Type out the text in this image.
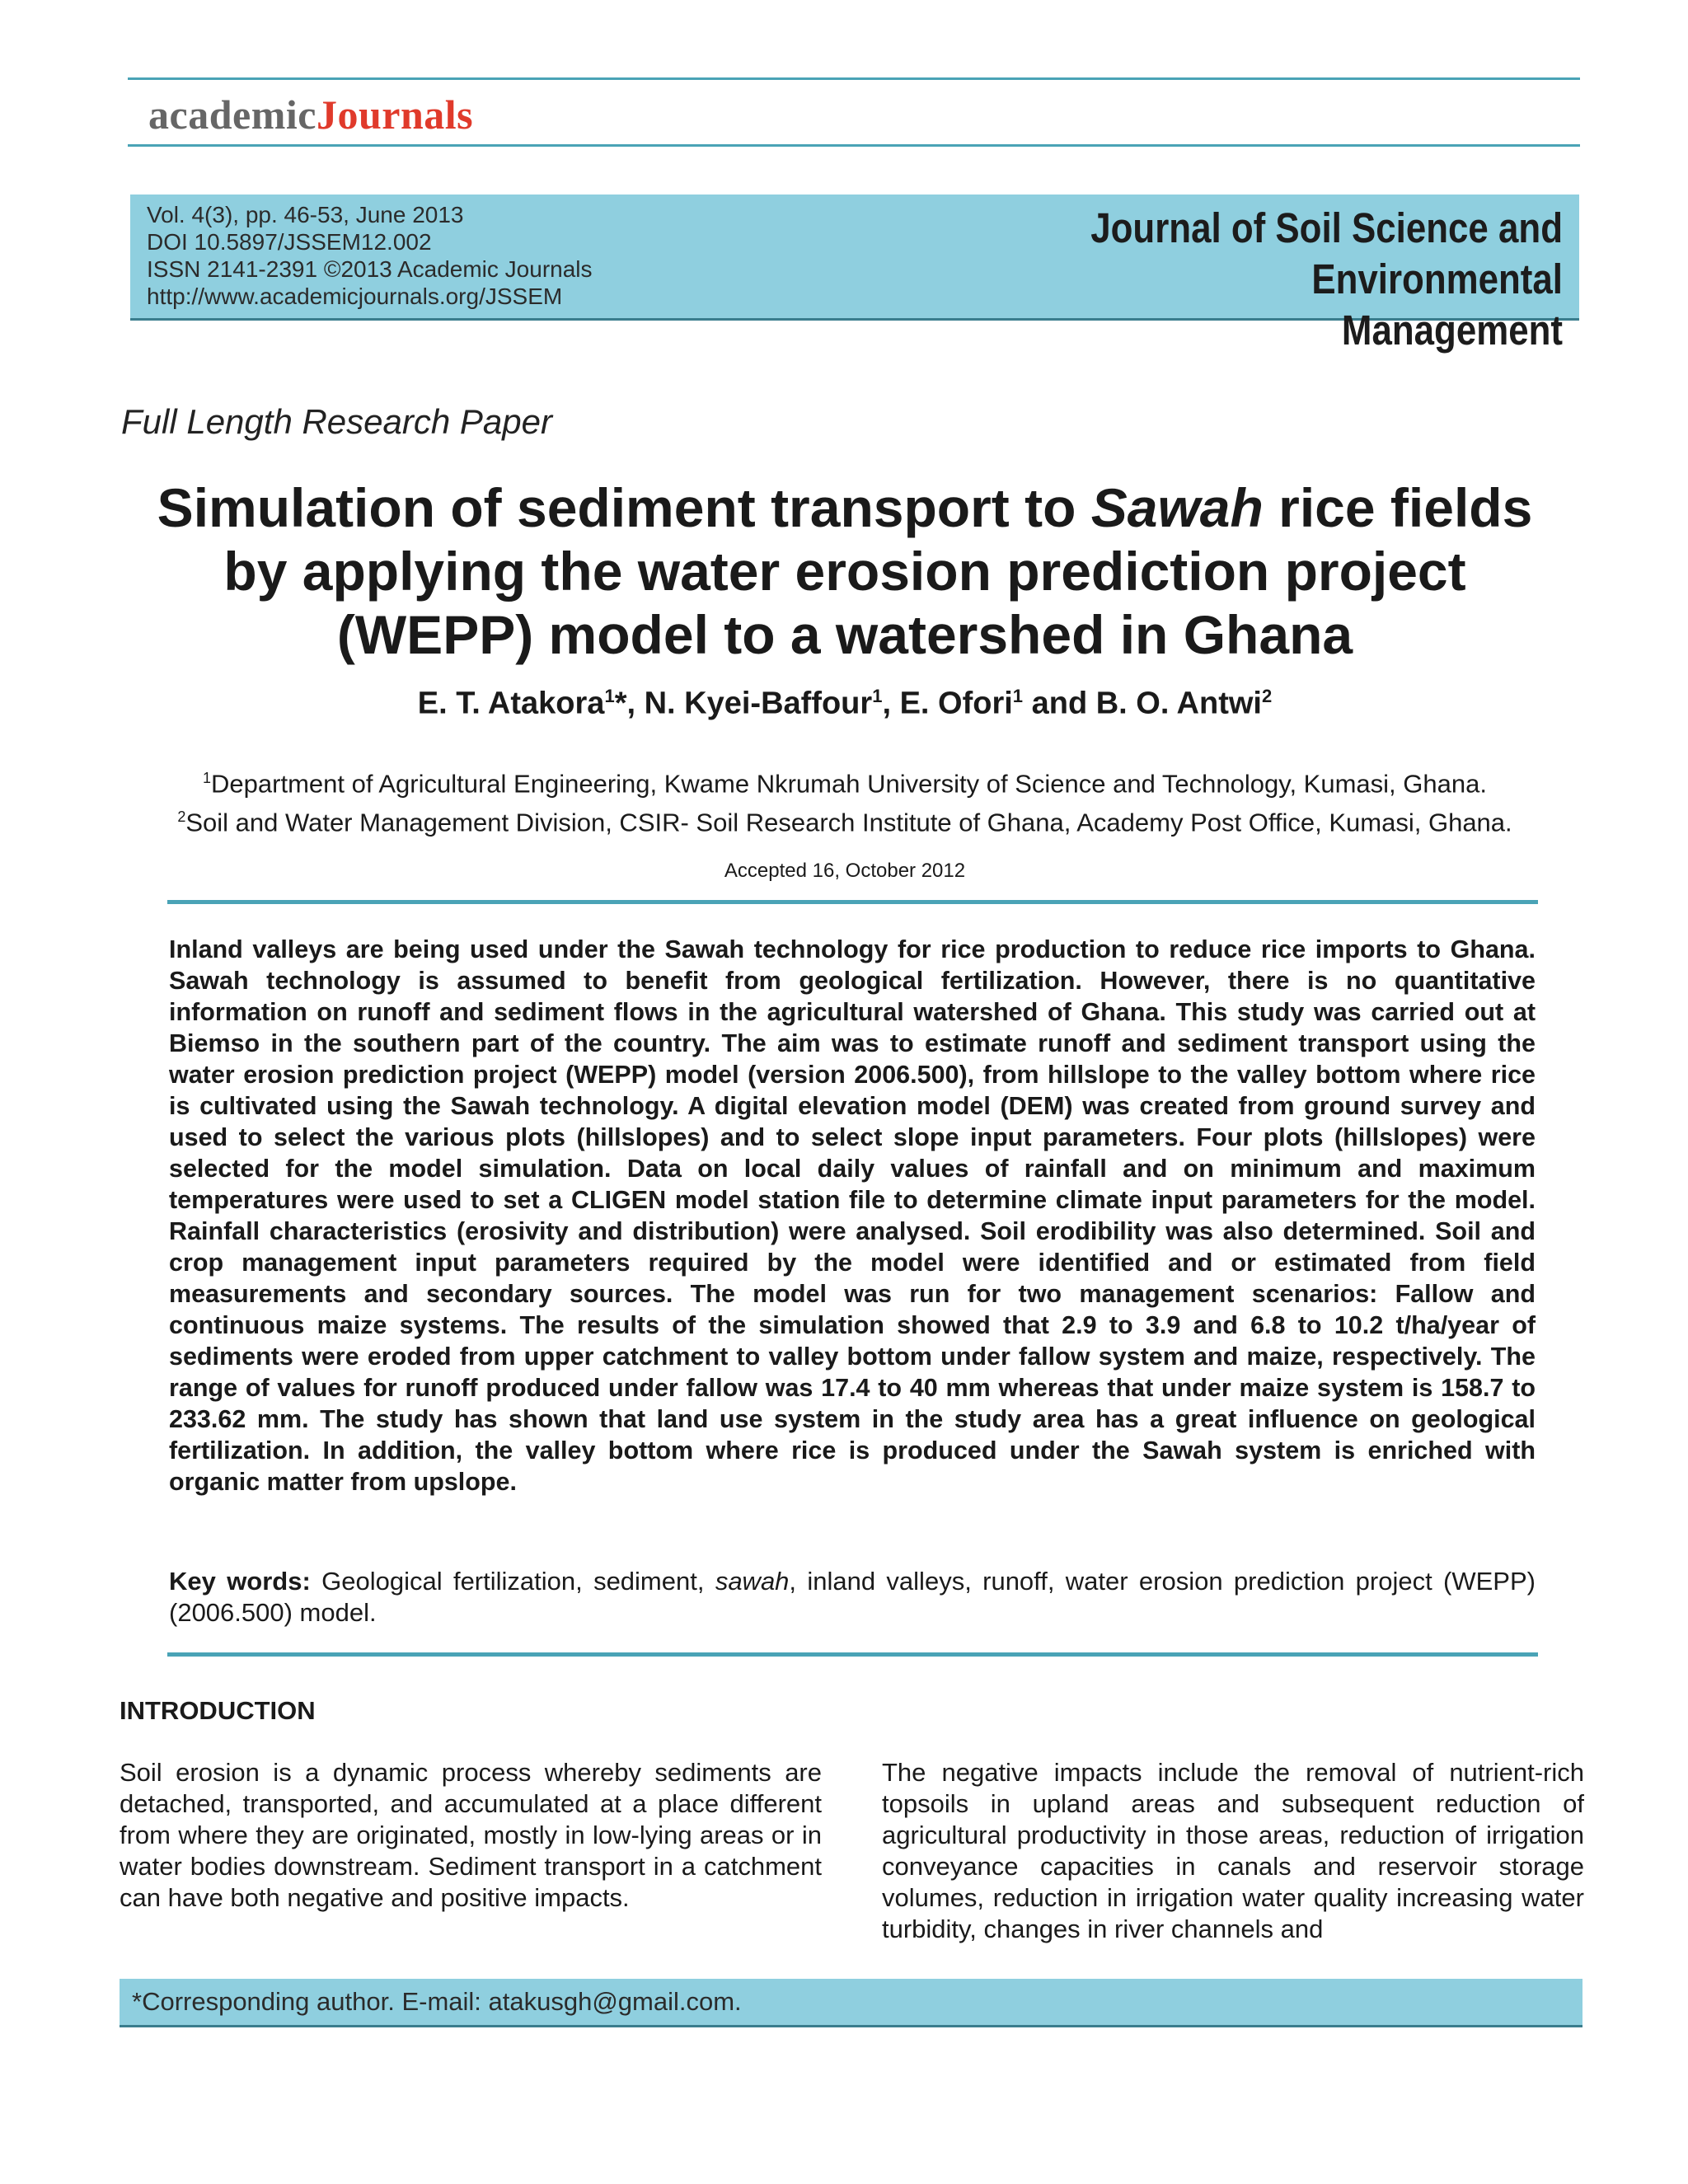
academicJournals
Vol. 4(3), pp. 46-53, June 2013
DOI 10.5897/JSSEM12.002
ISSN 2141-2391 ©2013 Academic Journals
http://www.academicjournals.org/JSSEM
Journal of Soil Science and Environmental
Management
Full Length Research Paper
Simulation of sediment transport to Sawah rice fields
by applying the water erosion prediction project
(WEPP) model to a watershed in Ghana
E. T. Atakora$^1$*, N. Kyei-Baffour$^1$, E. Ofori$^1$ and B. O. Antwi$^2$
$^1$Department of Agricultural Engineering, Kwame Nkrumah University of Science and Technology, Kumasi, Ghana.
$^2$Soil and Water Management Division, CSIR- Soil Research Institute of Ghana, Academy Post Office, Kumasi, Ghana.
Accepted 16, October 2012
Inland valleys are being used under the Sawah technology for rice production to reduce rice imports to Ghana. Sawah technology is assumed to benefit from geological fertilization. However, there is no quantitative information on runoff and sediment flows in the agricultural watershed of Ghana. This study was carried out at Biemso in the southern part of the country. The aim was to estimate runoff and sediment transport using the water erosion prediction project (WEPP) model (version 2006.500), from hillslope to the valley bottom where rice is cultivated using the Sawah technology. A digital elevation model (DEM) was created from ground survey and used to select the various plots (hillslopes) and to select slope input parameters. Four plots (hillslopes) were selected for the model simulation. Data on local daily values of rainfall and on minimum and maximum temperatures were used to set a CLIGEN model station file to determine climate input parameters for the model. Rainfall characteristics (erosivity and distribution) were analysed. Soil erodibility was also determined. Soil and crop management input parameters required by the model were identified and or estimated from field measurements and secondary sources. The model was run for two management scenarios: Fallow and continuous maize systems. The results of the simulation showed that 2.9 to 3.9 and 6.8 to 10.2 t/ha/year of sediments were eroded from upper catchment to valley bottom under fallow system and maize, respectively. The range of values for runoff produced under fallow was 17.4 to 40 mm whereas that under maize system is 158.7 to 233.62 mm. The study has shown that land use system in the study area has a great influence on geological fertilization. In addition, the valley bottom where rice is produced under the Sawah system is enriched with organic matter from upslope.
Key words: Geological fertilization, sediment, sawah, inland valleys, runoff, water erosion prediction project (WEPP) (2006.500) model.
INTRODUCTION
Soil erosion is a dynamic process whereby sediments are detached, transported, and accumulated at a place different from where they are originated, mostly in low-lying areas or in water bodies downstream. Sediment transport in a catchment can have both negative and positive impacts.
The negative impacts include the removal of nutrient-rich topsoils in upland areas and subsequent reduction of agricultural productivity in those areas, reduction of irrigation conveyance capacities in canals and reservoir storage volumes, reduction in irrigation water quality increasing water turbidity, changes in river channels and
*Corresponding author. E-mail: atakusgh@gmail.com.
